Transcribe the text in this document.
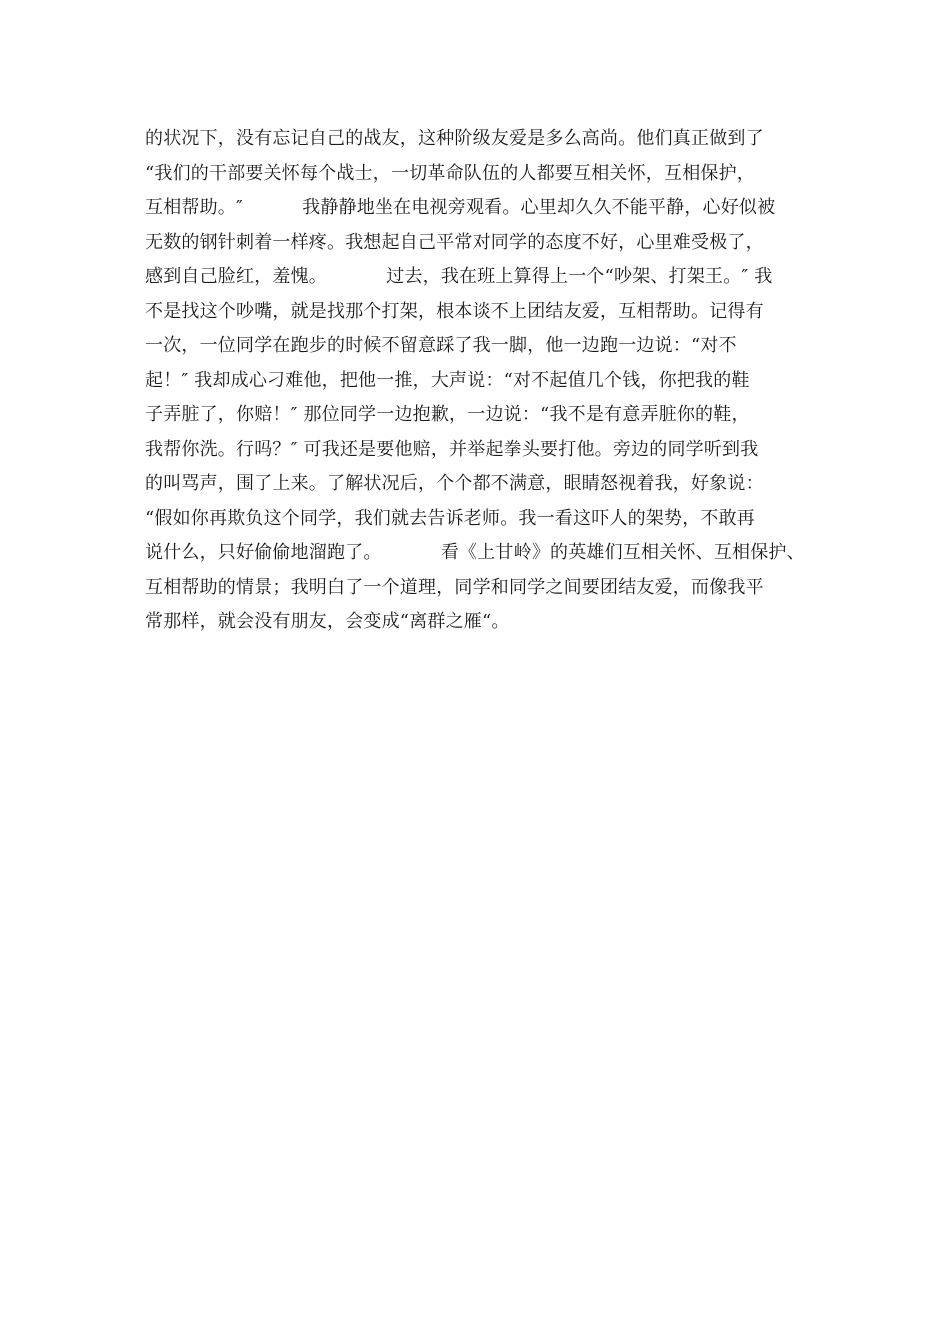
的状况下，没有忘记自己的战友，这种阶级友爱是多么高尚。他们真正做到了
“我们的干部要关怀每个战士，一切革命队伍的人都要互相关怀，互相保护，
互相帮助。″          我静静地坐在电视旁观看。心里却久久不能平静，心好似被
无数的钢针刺着一样疼。我想起自己平常对同学的态度不好，心里难受极了，
感到自己脸红，羞愧。          过去，我在班上算得上一个“吵架、打架王。″ 我
不是找这个吵嘴，就是找那个打架，根本谈不上团结友爱，互相帮助。记得有
一次，一位同学在跑步的时候不留意踩了我一脚，他一边跑一边说：“对不
起！″ 我却成心刁难他，把他一推，大声说：“对不起值几个钱，你把我的鞋
子弄脏了，你赔！″ 那位同学一边抱歉，一边说：“我不是有意弄脏你的鞋，
我帮你洗。行吗？″ 可我还是要他赔，并举起拳头要打他。旁边的同学听到我
的叫骂声，围了上来。了解状况后，个个都不满意，眼睛怒视着我，好象说：
“假如你再欺负这个同学，我们就去告诉老师。我一看这吓人的架势，不敢再
说什么，只好偷偷地溜跑了。          看《上甘岭》的英雄们互相关怀、互相保护、
互相帮助的情景；我明白了一个道理，同学和同学之间要团结友爱，而像我平
常那样，就会没有朋友，会变成“离群之雁“。
